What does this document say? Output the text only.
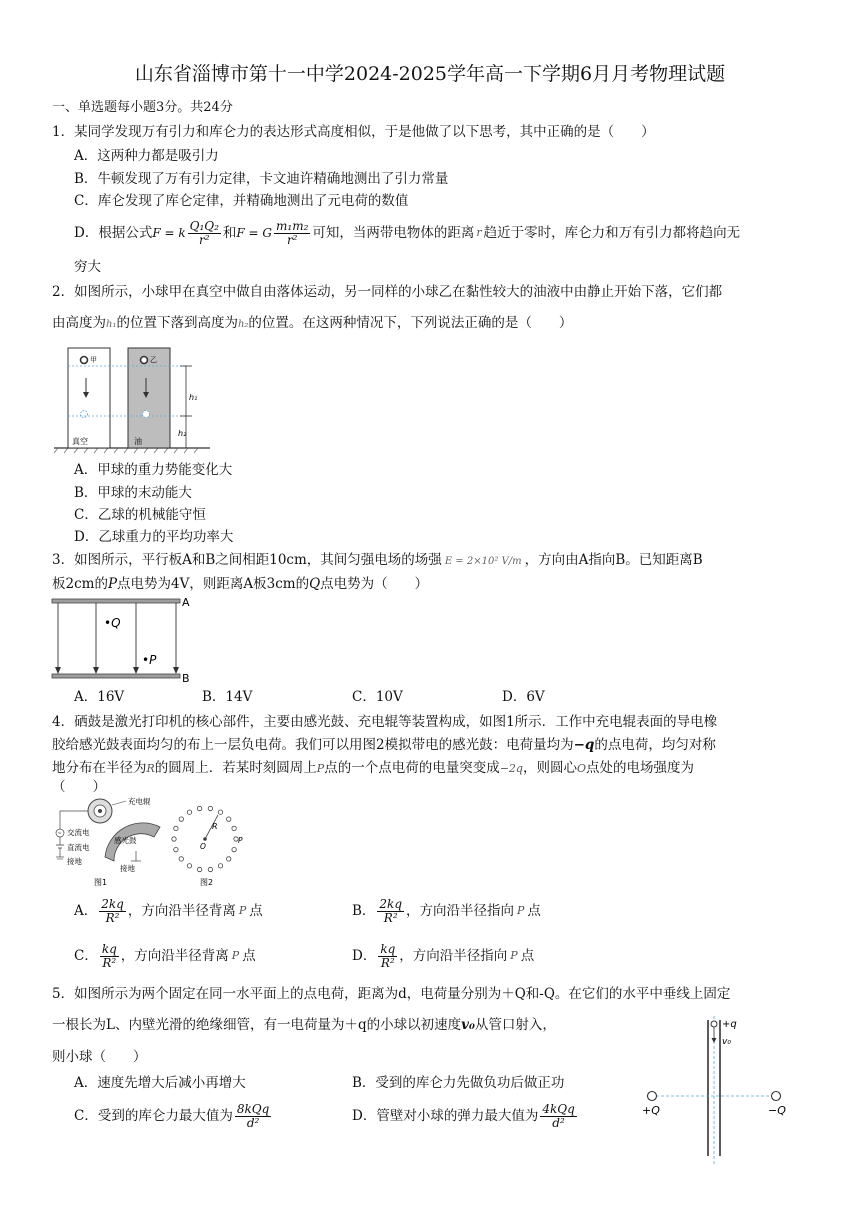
山东省淄博市第十一中学2024-2025学年高一下学期6月月考物理试题
一、单选题每小题3分。共24分
1．某同学发现万有引力和库仑力的表达形式高度相似，于是他做了以下思考，其中正确的是（　　）
A．这两种力都是吸引力
B．牛顿发现了万有引力定律，卡文迪许精确地测出了引力常量
C．库仑发现了库仑定律，并精确地测出了元电荷的数值
D．根据公式 F = k $\frac{\text{Q₁Q₂}}{\text{r²}}$ 和 F = G $\frac{\text{m₁m₂}}{\text{r²}}$ 可知，当两带电物体的距离 r 趋近于零时，库仑力和万有引力都将趋向无
穷大
2．如图所示，小球甲在真空中做自由落体运动，另一同样的小球乙在黏性较大的油液中由静止开始下落，它们都
由高度为h₁的位置下落到高度为h₂的位置。在这两种情况下，下列说法正确的是（　　）
甲	乙
h₁
h₂
真空	油
A．甲球的重力势能变化大
B．甲球的末动能大
C．乙球的机械能守恒
D．乙球重力的平均功率大
3．如图所示，平行板A和B之间相距10cm，其间匀强电场的场强 E = 2×10² V/m ，方向由A指向B。已知距离B
板2cm的P点电势为4V，则距离A板3cm的Q点电势为（　　）
A
B
•Q
•P
A．16V	B．14V	C．10V	D．6V
4．硒鼓是激光打印机的核心部件，主要由感光鼓、充电辊等装置构成，如图1所示．工作中充电辊表面的导电橡
胶给感光鼓表面均匀的布上一层负电荷。我们可以用图2模拟带电的感光鼓：电荷量均为−q的点电荷，均匀对称
地分布在半径为R的圆周上．若某时刻圆周上P点的一个点电荷的电量突变成−2q，则圆心O点处的电场强度为
（　　）
充电辊
感光鼓
~ 交流电
直流电
接地
接地
图1
R
O
P
图2
A． $\frac{2kq}{\text{R²}}$ ，方向沿半径背离 P 点	B． $\frac{2kq}{\text{R²}}$ ，方向沿半径指向 P 点
C． $\frac{kq}{\text{R²}}$ ，方向沿半径背离 P 点	D． $\frac{kq}{\text{R²}}$ ，方向沿半径指向 P 点
5．如图所示为两个固定在同一水平面上的点电荷，距离为d，电荷量分别为＋Q和-Q。在它们的水平中垂线上固定
一根长为L、内壁光滑的绝缘细管，有一电荷量为＋q的小球以初速度v₀从管口射入，
则小球（　　）
A．速度先增大后减小再增大	B．受到的库仑力先做负功后做正功
C．受到的库仑力最大值为 $\frac{\text{8kQq}}{\text{d²}}$	D．管壁对小球的弹力最大值为 $\frac{\text{4kQq}}{\text{d²}}$
+q
v₀
+Q	−Q
